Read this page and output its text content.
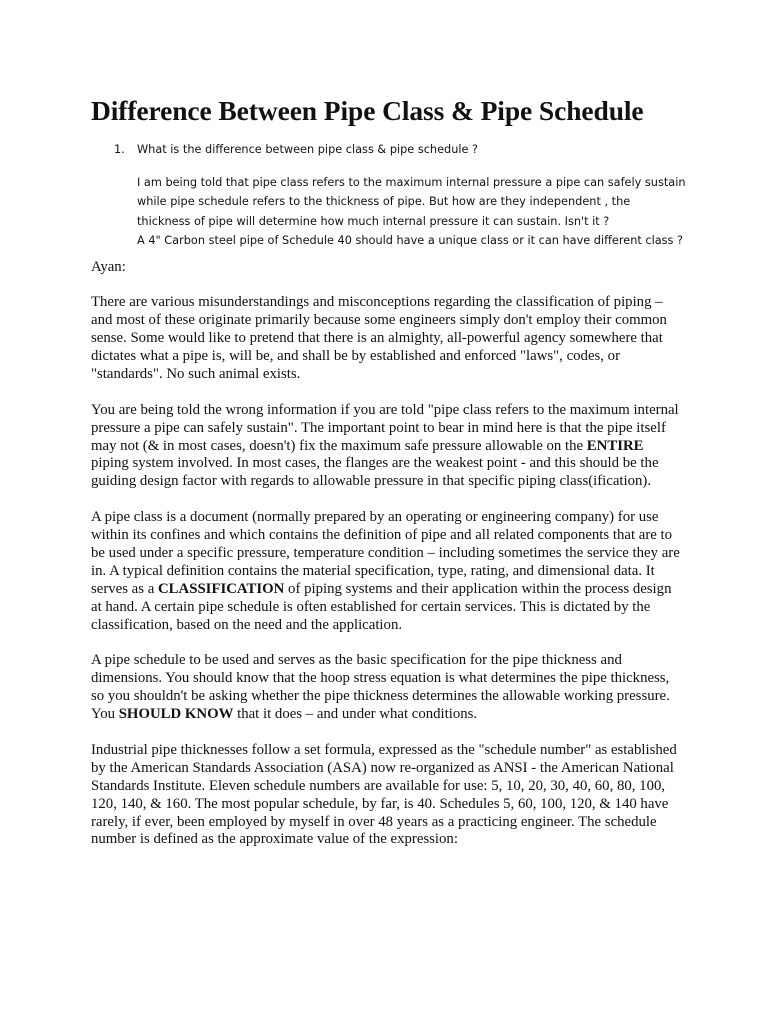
Difference Between Pipe Class & Pipe Schedule
1.	What is the difference between pipe class & pipe schedule ?
I am being told that pipe class refers to the maximum internal pressure a pipe can safely sustain
while pipe schedule refers to the thickness of pipe. But how are they independent , the
thickness of pipe will determine how much internal pressure it can sustain. Isn't it ?
A 4" Carbon steel pipe of Schedule 40 should have a unique class or it can have different class ?

Ayan:

There are various misunderstandings and misconceptions regarding the classification of piping – and most of these originate primarily because some engineers simply don't employ their common sense. Some would like to pretend that there is an almighty, all-powerful agency somewhere that dictates what a pipe is, will be, and shall be by established and enforced "laws", codes, or "standards". No such animal exists.

You are being told the wrong information if you are told "pipe class refers to the maximum internal pressure a pipe can safely sustain". The important point to bear in mind here is that the pipe itself may not (& in most cases, doesn't) fix the maximum safe pressure allowable on the ENTIRE piping system involved. In most cases, the flanges are the weakest point - and this should be the guiding design factor with regards to allowable pressure in that specific piping class(ification).

A pipe class is a document (normally prepared by an operating or engineering company) for use within its confines and which contains the definition of pipe and all related components that are to be used under a specific pressure, temperature condition – including sometimes the service they are in. A typical definition contains the material specification, type, rating, and dimensional data. It serves as a CLASSIFICATION of piping systems and their application within the process design at hand. A certain pipe schedule is often established for certain services. This is dictated by the classification, based on the need and the application.

A pipe schedule to be used and serves as the basic specification for the pipe thickness and dimensions. You should know that the hoop stress equation is what determines the pipe thickness, so you shouldn't be asking whether the pipe thickness determines the allowable working pressure. You SHOULD KNOW that it does – and under what conditions.

Industrial pipe thicknesses follow a set formula, expressed as the "schedule number" as established by the American Standards Association (ASA) now re-organized as ANSI - the American National Standards Institute. Eleven schedule numbers are available for use: 5, 10, 20, 30, 40, 60, 80, 100, 120, 140, & 160. The most popular schedule, by far, is 40. Schedules 5, 60, 100, 120, & 140 have rarely, if ever, been employed by myself in over 48 years as a practicing engineer. The schedule number is defined as the approximate value of the expression:
